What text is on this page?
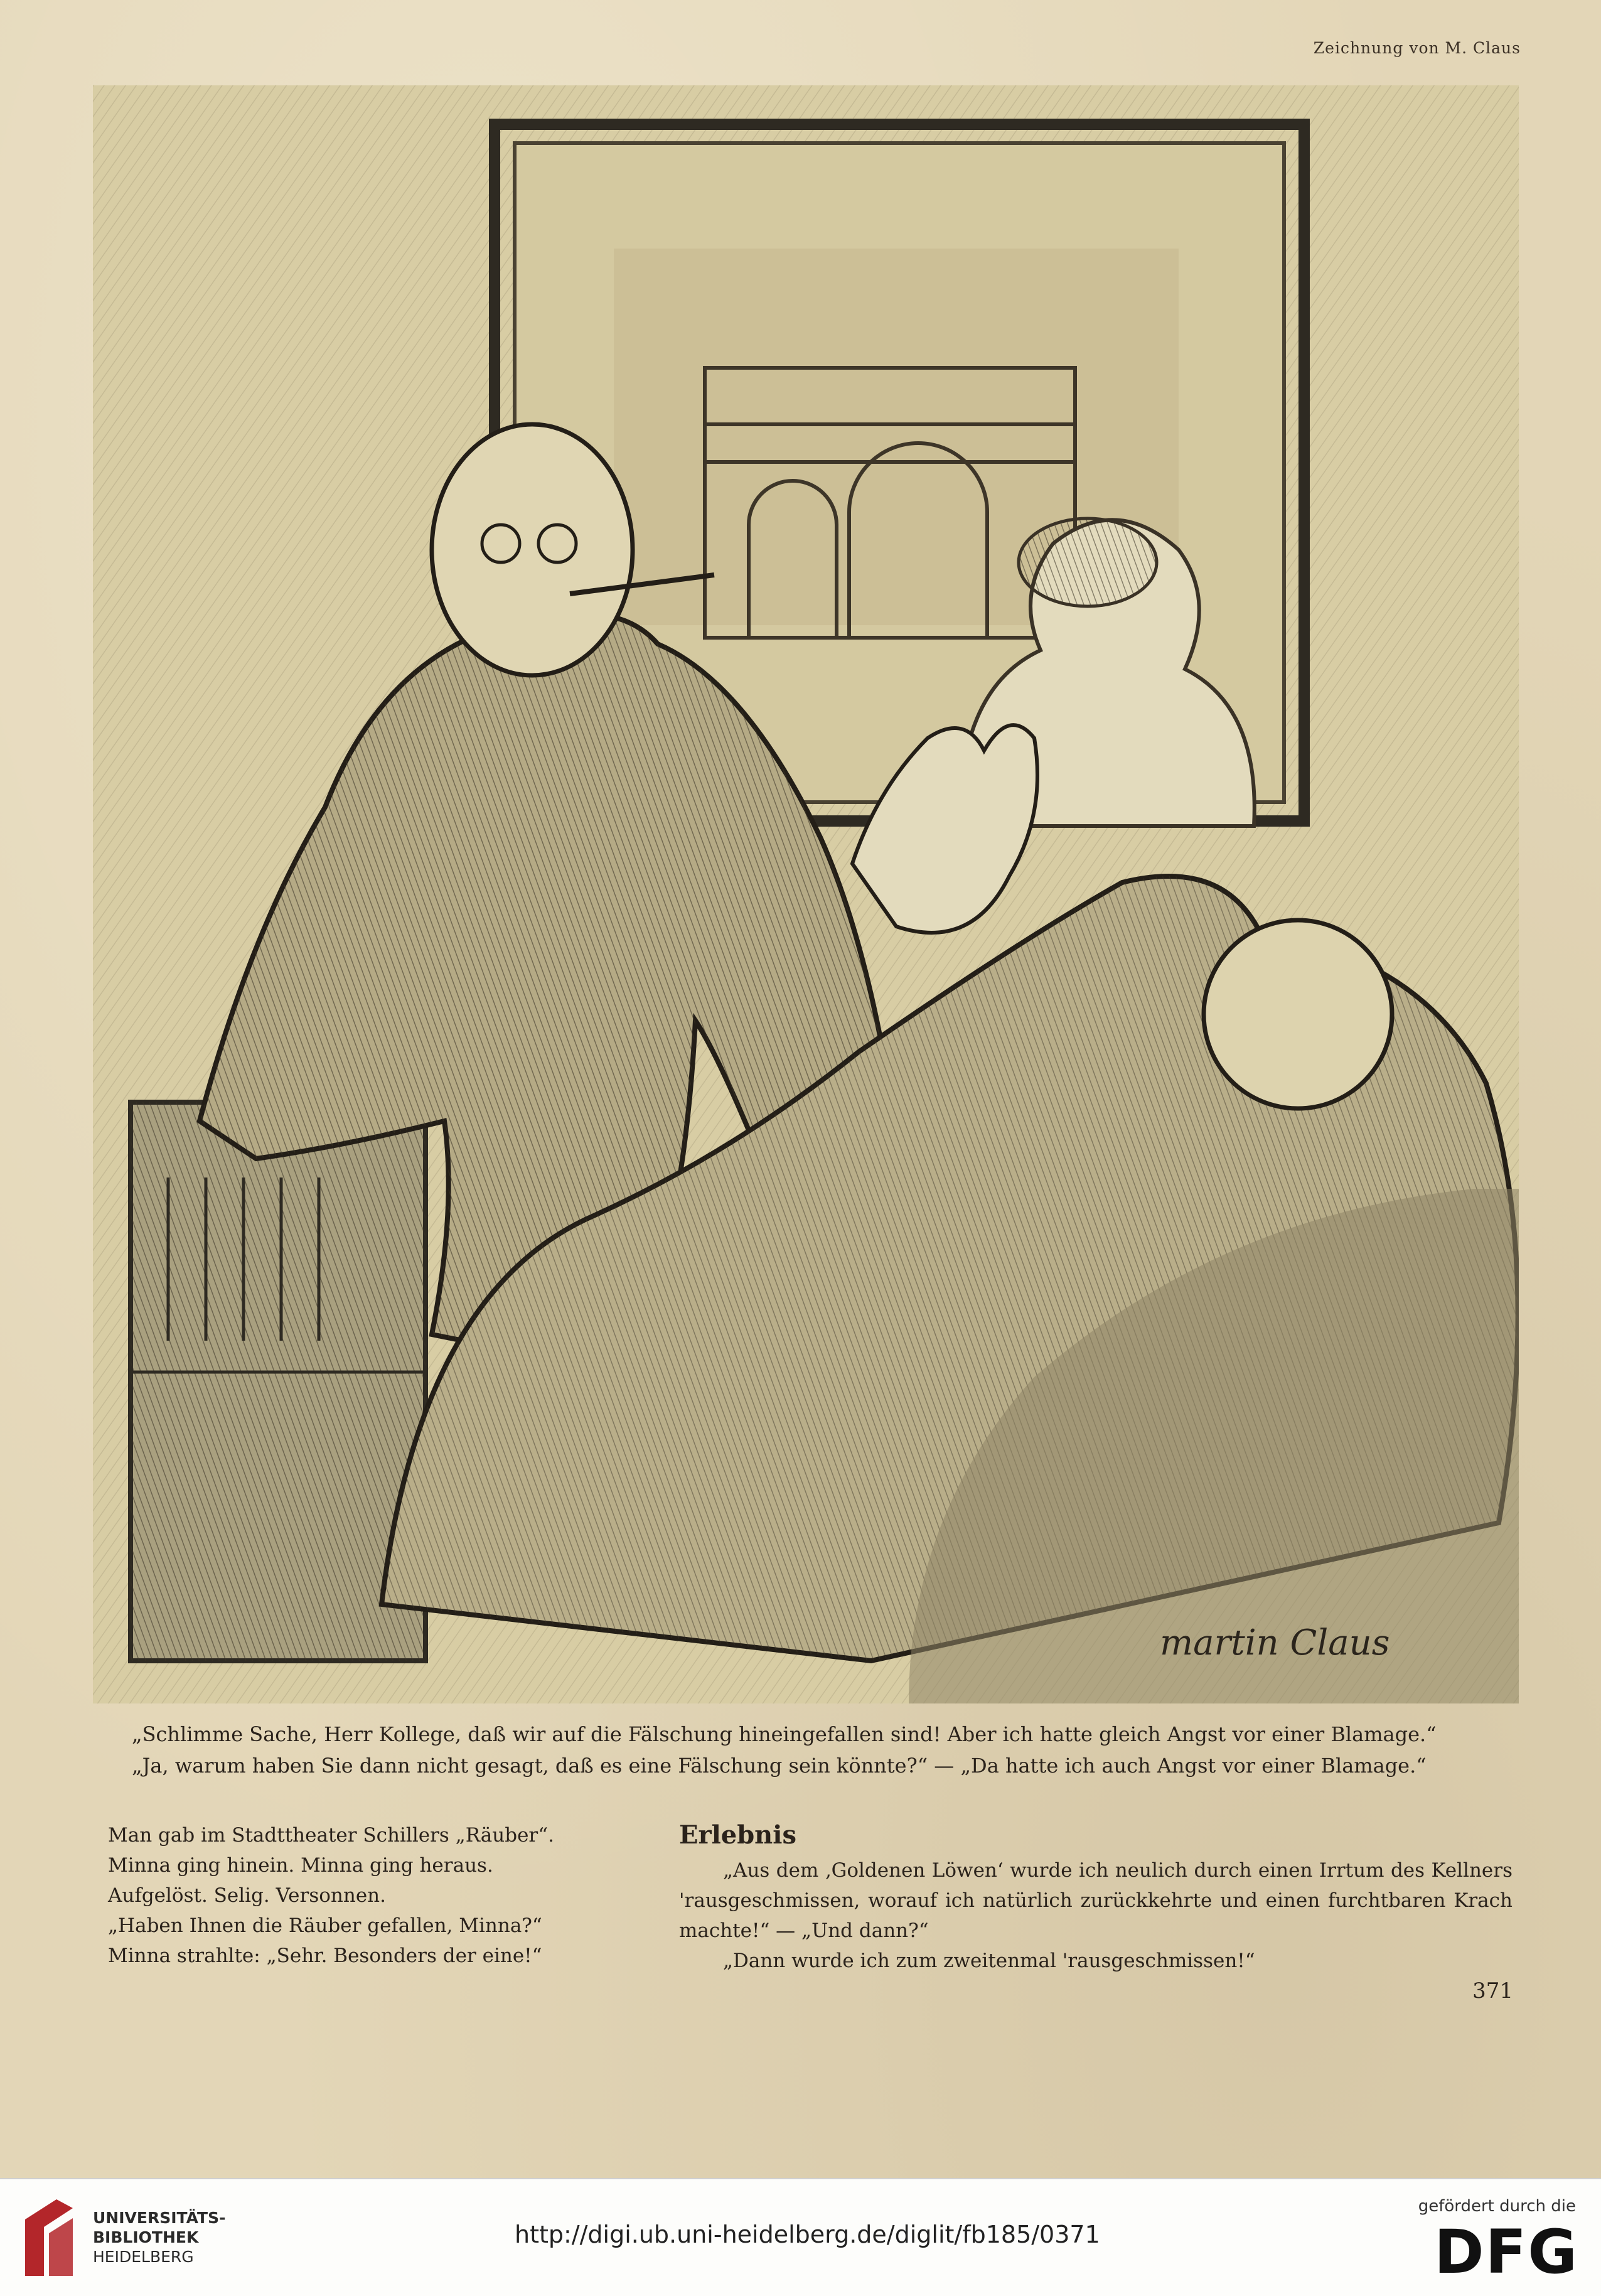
Zeichnung von M. Claus
martin Claus

„Schlimme Sache, Herr Kollege, daß wir auf die Fälschung hineingefallen sind! Aber ich hatte gleich Angst vor einer Blamage.“

„Ja, warum haben Sie dann nicht gesagt, daß es eine Fälschung sein könnte?“ — „Da hatte ich auch Angst vor einer Blamage.“

Man gab im Stadttheater Schillers „Räuber“.

Minna ging hinein. Minna ging heraus.

Aufgelöst. Selig. Versonnen.

„Haben Ihnen die Räuber gefallen, Minna?“

Minna strahlte: „Sehr. Besonders der eine!“

Erlebnis

„Aus dem ‚Goldenen Löwen‘ wurde ich neulich durch einen Irrtum des Kellners 'rausgeschmissen, worauf ich natürlich zurückkehrte und einen furchtbaren Krach machte!“ — „Und dann?“

„Dann wurde ich zum zweitenmal 'rausgeschmissen!“

371
UNIVERSITÄTS-
BIBLIOTHEK
HEIDELBERG
http://digi.ub.uni-heidelberg.de/diglit/fb185/0371
gefördert durch die
DFG
